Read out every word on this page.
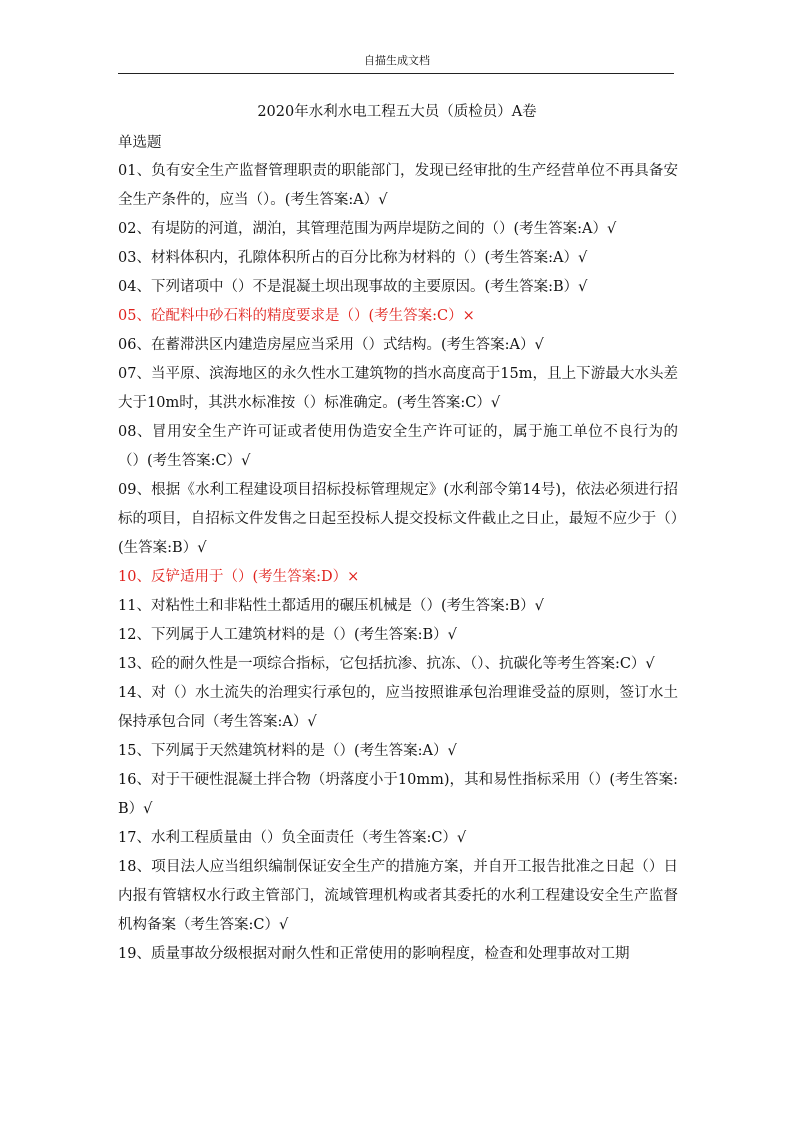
自描生成文档
2020年水利水电工程五大员（质检员）A卷
单选题
01、负有安全生产监督管理职责的职能部门，发现已经审批的生产经营单位不再具备安全生产条件的，应当（）。(考生答案:A）√
02、有堤防的河道，湖泊，其管理范围为两岸堤防之间的（）(考生答案:A）√
03、材料体积内，孔隙体积所占的百分比称为材料的（）(考生答案:A）√
04、下列诸项中（）不是混凝土坝出现事故的主要原因。(考生答案:B）√
05、砼配料中砂石料的精度要求是（）(考生答案:C）×
06、在蓄滞洪区内建造房屋应当采用（）式结构。(考生答案:A）√
07、当平原、滨海地区的永久性水工建筑物的挡水高度高于15m，且上下游最大水头差大于10m时，其洪水标准按（）标准确定。(考生答案:C）√
08、冒用安全生产许可证或者使用伪造安全生产许可证的，属于施工单位不良行为的（）(考生答案:C）√
09、根据《水利工程建设项目招标投标管理规定》(水利部令第14号)，依法必须进行招标的项目，自招标文件发售之日起至投标人提交投标文件截止之日止，最短不应少于（）(生答案:B）√
10、反铲适用于（）(考生答案:D）×
11、对粘性土和非粘性土都适用的碾压机械是（）(考生答案:B）√
12、下列属于人工建筑材料的是（）(考生答案:B）√
13、砼的耐久性是一项综合指标，它包括抗渗、抗冻、（）、抗碳化等考生答案:C）√
14、对（）水土流失的治理实行承包的，应当按照谁承包治理谁受益的原则，签订水土保持承包合同（考生答案:A）√
15、下列属于天然建筑材料的是（）(考生答案:A）√
16、对于干硬性混凝土拌合物（坍落度小于10mm)，其和易性指标采用（）(考生答案:B）√
17、水利工程质量由（）负全面责任（考生答案:C）√
18、项目法人应当组织编制保证安全生产的措施方案，并自开工报告批准之日起（）日内报有管辖权水行政主管部门，流域管理机构或者其委托的水利工程建设安全生产监督机构备案（考生答案:C）√
19、质量事故分级根据对耐久性和正常使用的影响程度，检查和处理事故对工期
